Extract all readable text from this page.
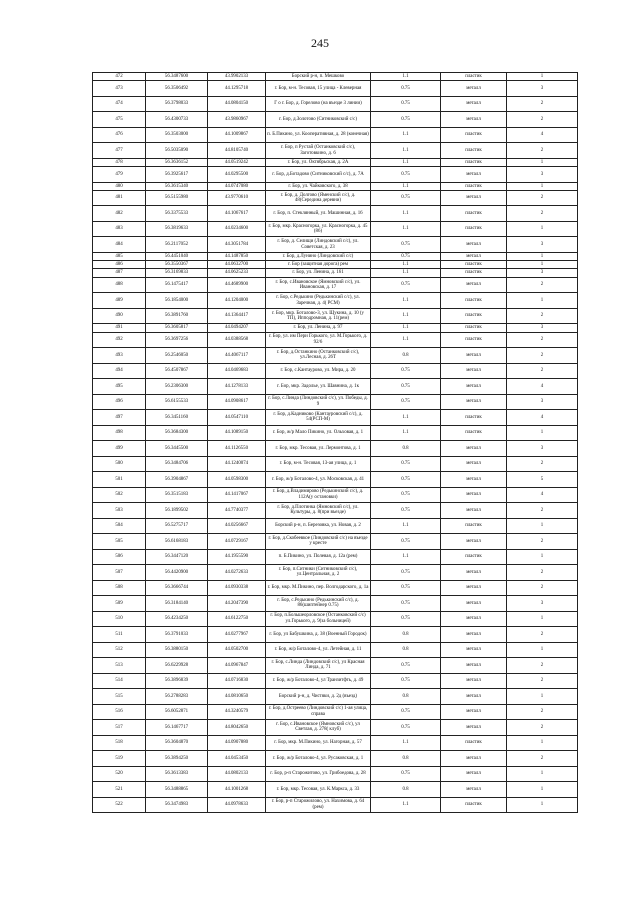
245
472	56.3487600	43.9902133	Борский р-н, п. Мешково	1.1	пластик	1
473	56.3506492	44.1295718	г. Бор, м-н. Тесовая, 15 улица - Клеверная	0.75	металл	3
474	56.3798033	44.0804150	Г о г. Бор, д. Горелово (на въезде 3 линии)	0.75	металл	2
475	56.4300733	43.9860967	г. Бор, д.Золотово (Ситниковский с/с)	0.75	металл	2
476	56.3503000	44.1009867	п. Б.Пикино, ул. Кооперативная, д. 28 (конечная)	1.1	пластик	4
477	56.5035090	44.8105740	г. Бор, п Рустай (Останковский с/с), Заготовкино, д. 6	1.1	пластик	2
478	56.3636152	44.0519242	г. Бор, ул. Октябрьская, д. 2А	1.1	пластик	1
479	56.3925617	44.0295500	г. Бор, д.Ботадово (Ситниковский с/с), д. 7А	0.75	металл	3
480	56.3615340	44.0747080	г. Бор, ул. Чайковского, д. 38	1.1	пластик	1
481	56.5155980	43.9770610	г. Бор, д. Долгово (Яменский с/с), д. 48(Середина деревни)	0.75	металл	2
482	56.3375533	44.1067617	г. Бор, п. Стеклянный, ул. Машинная, д. 16	1.1	пластик	2
483	56.3819633	44.0234600	г. Бор, мкр. Красногорка, ул. Красногорка, д. 45 (86)	1.1	пластик	1
484	56.2117052	44.3051784	г. Бор, д. Селищи (Линдовский с/с), ул. Советская, д. 23	0.75	металл	3
485	56.4451040	44.1487850	г. Бор, д.Лунино (Линдовский с/с)	0.75	металл	1
486	56.3550367	44.0632700	г. Бор (защитная дорога) рем	1.1	пластик	1
487	56.3169833	44.0625233	г. Бор, ул. Ленина, д. 161	1.1	пластик	3
488	56.1475417	44.4689900	г. Бор, с.Ивановское (Ямновский с/с), ул. Ивановская, д. 17	0.75	металл	2
489	56.1854000	44.1204000	г. Бор, с.Редькино (Редькинский с/с), ул. Заречная, д. 4( РСМ)	1.1	пластик	1
490	56.3891760	44.1364417	г. Бор, мкр. Боталово-3, ул. Щукина, д. 10 (у ТП), Ипподромная, д. 11(рем)	1.1	пластик	2
491	56.3605817	44.0494207	г. Бор, ул. Ленина, д. 97	1.1	пластик	3
492	56.3697256	44.0388568	г. Бор, ул. им Пери Горького, ул. М.Горького, д. 92/6	1.1	пластик	2
493	56.2546050	44.4067117	г. Бор, д.Останкино (Останковский с/с), ул.Лесная, д. 26Т	0.8	металл	2
494	56.4507867	44.0469683	г. Бор, с.Кантаурово, ул. Мира, д. 20	0.75	металл	2
495	56.2306300	44.1278133	г. Бор, мкр. Задолье, ул. Шавнина, д. 1к	0.75	металл	4
496	56.6155533	44.0908617	г. Бор, с.Линда (Линдовский с/с), ул. Победы, д. 9	0.75	металл	3
497	56.3451160	44.0547110	г. Бор, д.Кадниково (Кантауровский с/с), д. 54(РСП-М)	1.1	пластик	4
498	56.3684300	44.1089150	г. Бор, ж/р Мало Пикино, ул. Ольховая, д. 1	1.1	пластик	1
499	56.3445500	44.1126550	г. Бор, мкр. Тесовая, ул. Лермонтова, д. 1	0.8	металл	3
500	56.3484706	44.1240074	г. Бор, м-н. Тесовая, 13-ая улица, д. 1	0.75	металл	2
501	56.3904867	44.0598300	г. Бор, ж/р Боталово-4, ул. Московская, д. 41	0.75	металл	5
502	56.3515183	44.1417067	г. Бор, д.Владимирово (Редькинский с/с), д. 112А(у остановки)	0.75	металл	4
503	56.1899502	44.7740377	г. Бор, д.Плотинка (Ямновский с/с), ул. Культуры, д. 8(при въезде)	0.75	металл	2
504	56.5275717	44.0256667	Борский р-н, п. Березовка, ул. Новая, д. 2	1.1	пластик	1
505	56.6168183	44.0729167	г. Бор, д.Скобеевкое (Линдовский с/с) на въезде у кресте	0.75	металл	2
506	56.3447120	44.1955590	п. Б.Пикино, ул. Полевая, д. 12а (рем)	1.1	пластик	1
507	56.4420900	44.0272633	г. Бор, п.Ситники (Ситниковский с/с), ул.Центральная, д. 2	0.75	металл	2
508	56.3666744	44.0930338	г. Бор, мкр. М.Пикино, пер. Волгодарского, д. 1а	0.75	металл	2
509	56.3184140	44.2047390	г. Бор, с.Редькино (Редькинский с/с), д. 86(шиптейнер 0.75)	0.75	металл	3
510	56.4234250	44.6122750	г. Бор, п.Большеорловское (Останковский с/с) ул.Горького, д. 9(за больницей)	0.75	металл	1
511	56.3791033	44.0277967	г. Бор, ул Бабушкина, д. 38 (Военный Городок)	0.8	металл	2
512	56.3880150	44.0502700	г. Бор, ж/р Боталово-4, ул. Летейная, д. 11	0.8	металл	1
513	56.6229928	44.0967847	г. Бор, с.Линда (Линдовский с/с), ул Красная Линда, д. 71	0.75	металл	2
514	56.3896839	44.0716830	г. Бор, ж/р Боталово-4, ул Транзитфть, д. 49	0.75	металл	2
515	56.2788283	44.0810650	Борский р-н, д. Чистяки, д. 2д (въезд)	0.8	металл	1
516	56.6052871	44.3240579	г. Бор, д.Остреево (Линдовский с/с) 1-ая улица, справа	0.75	металл	2
517	56.1467717	44.8042650	г. Бор, с.Ивановское (Ямновский с/с), ул Светлая, д. 278( клуб)	0.75	металл	2
518	56.3604870	44.0907880	г. Бор, мкр. М.Пикино, ул. Нагорная, д. 57	1.1	пластик	1
519	56.3894250	44.0453450	г. Бор, ж/р Боталово-4, ул. Русаковская, д. 1	0.8	металл	2
520	56.3613383	44.0802133	г. Бор, р-п Старожитово, ул. Грибоедова, д. 28	0.75	металл	1
521	56.3488865	44.1001268	г. Бор, мкр. Тесовая, ул. К.Маркса, д. 33	0.8	металл	1
522	56.3474983	44.0978633	г. Бор, р-п Старожилово, ул. Нахимова, д. 64 (рем)	1.1	пластик	1
